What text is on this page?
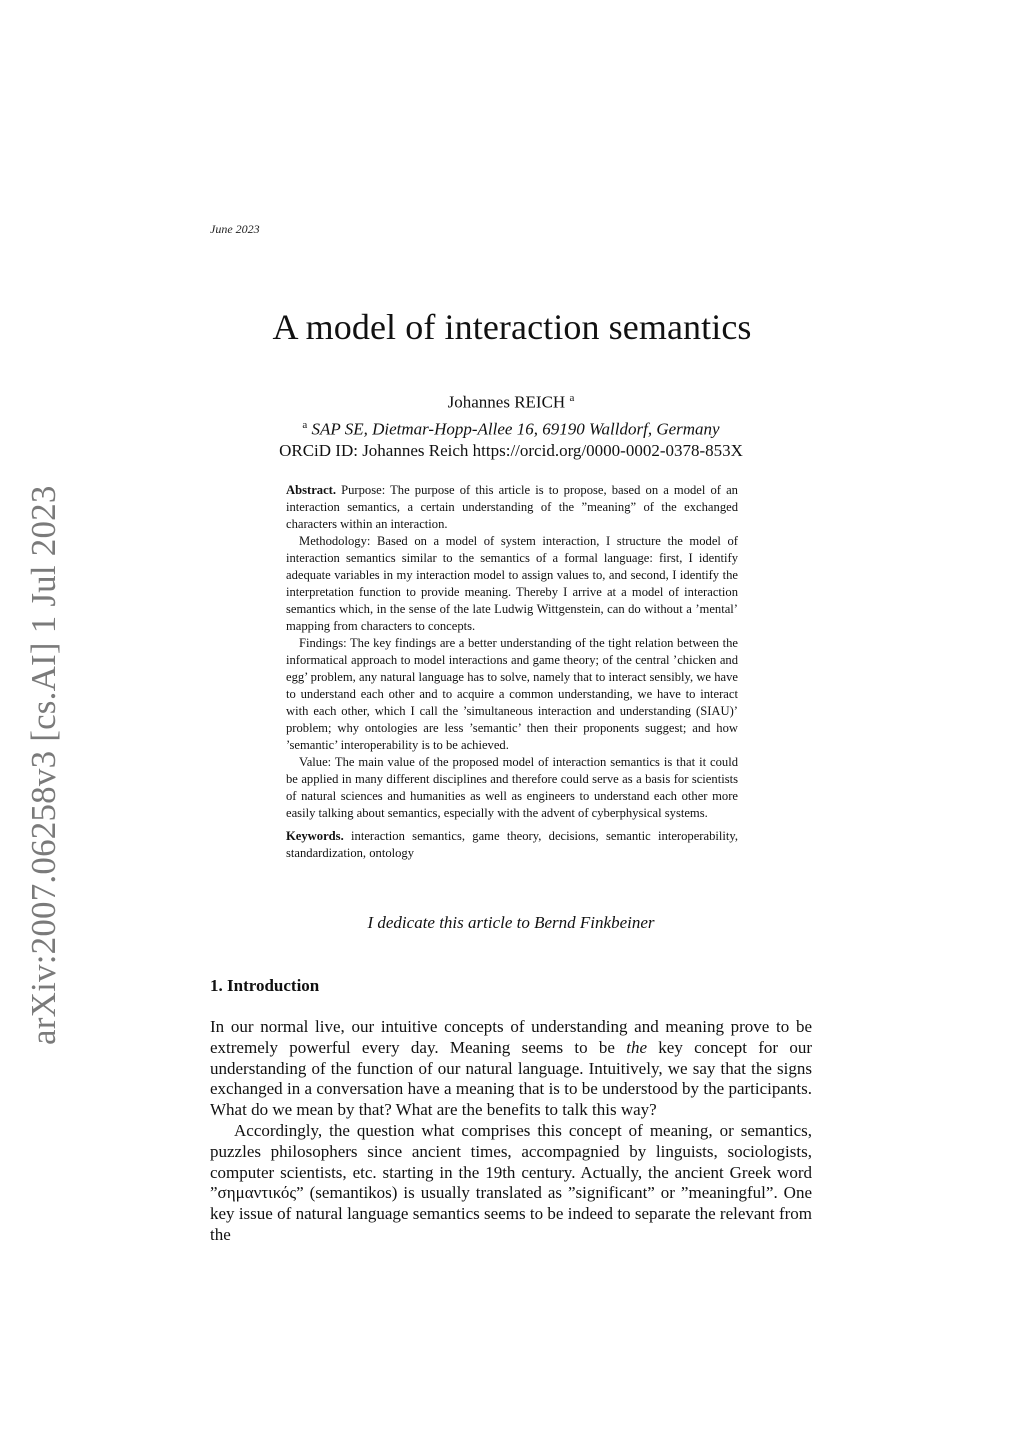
June 2023
arXiv:2007.06258v3 [cs.AI] 1 Jul 2023
A model of interaction semantics
Johannes REICH $^a$
$^a$ SAP SE, Dietmar-Hopp-Allee 16, 69190 Walldorf, Germany
ORCiD ID: Johannes Reich https://orcid.org/0000-0002-0378-853X

Abstract. Purpose: The purpose of this article is to propose, based on a model of an interaction semantics, a certain understanding of the ”meaning” of the exchanged characters within an interaction.

Methodology: Based on a model of system interaction, I structure the model of interaction semantics similar to the semantics of a formal language: first, I identify adequate variables in my interaction model to assign values to, and second, I identify the interpretation function to provide meaning. Thereby I arrive at a model of interaction semantics which, in the sense of the late Ludwig Wittgenstein, can do without a ’mental’ mapping from characters to concepts.

Findings: The key findings are a better understanding of the tight relation between the informatical approach to model interactions and game theory; of the central ’chicken and egg’ problem, any natural language has to solve, namely that to interact sensibly, we have to understand each other and to acquire a common understanding, we have to interact with each other, which I call the ’simultaneous interaction and understanding (SIAU)’ problem; why ontologies are less ’semantic’ then their proponents suggest; and how ’semantic’ interoperability is to be achieved.

Value: The main value of the proposed model of interaction semantics is that it could be applied in many different disciplines and therefore could serve as a basis for scientists of natural sciences and humanities as well as engineers to understand each other more easily talking about semantics, especially with the advent of cyberphysical systems.

Keywords. interaction semantics, game theory, decisions, semantic interoperability, standardization, ontology

I dedicate this article to Bernd Finkbeiner
1. Introduction

In our normal live, our intuitive concepts of understanding and meaning prove to be extremely powerful every day. Meaning seems to be the key concept for our understanding of the function of our natural language. Intuitively, we say that the signs exchanged in a conversation have a meaning that is to be understood by the participants. What do we mean by that? What are the benefits to talk this way?

Accordingly, the question what comprises this concept of meaning, or semantics, puzzles philosophers since ancient times, accompagnied by linguists, sociologists, computer scientists, etc. starting in the 19th century. Actually, the ancient Greek word ”σημαντικός” (semantikos) is usually translated as ”significant” or ”meaningful”. One key issue of natural language semantics seems to be indeed to separate the relevant from the
